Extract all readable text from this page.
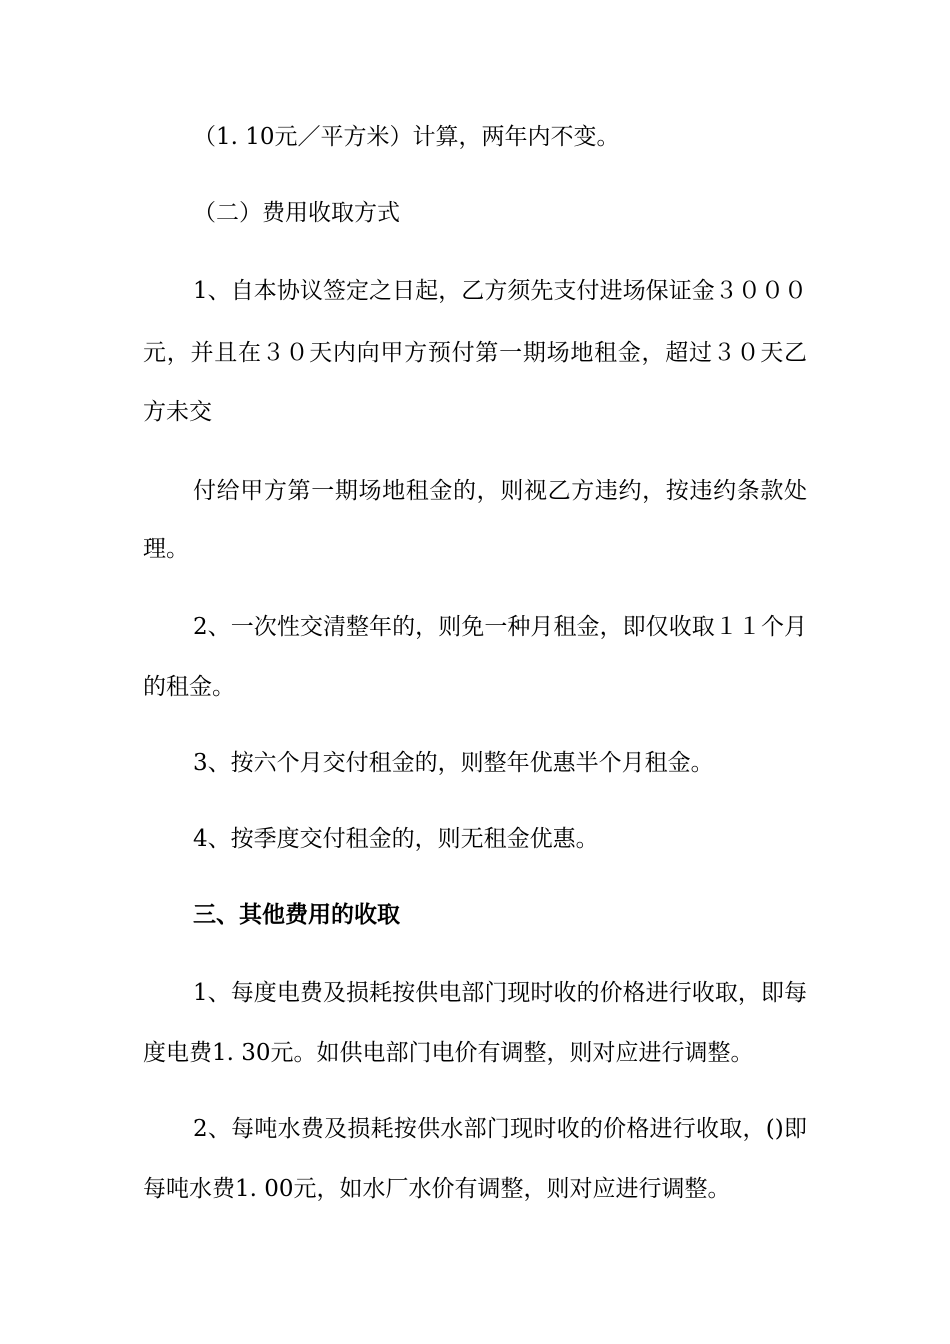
（1. 10元／平方米）计算，两年内不变。
（二）费用收取方式
1、自本协议签定之日起，乙方须先支付进场保证金３０００
元，并且在３０天内向甲方预付第一期场地租金，超过３０天乙
方未交
付给甲方第一期场地租金的，则视乙方违约，按违约条款处
理。
2、一次性交清整年的，则免一种月租金，即仅收取１１个月
的租金。
3、按六个月交付租金的，则整年优惠半个月租金。
4、按季度交付租金的，则无租金优惠。
三、其他费用的收取
1、每度电费及损耗按供电部门现时收的价格进行收取，即每
度电费1. 30元。如供电部门电价有调整，则对应进行调整。
2、每吨水费及损耗按供水部门现时收的价格进行收取，()即
每吨水费1. 00元，如水厂水价有调整，则对应进行调整。
